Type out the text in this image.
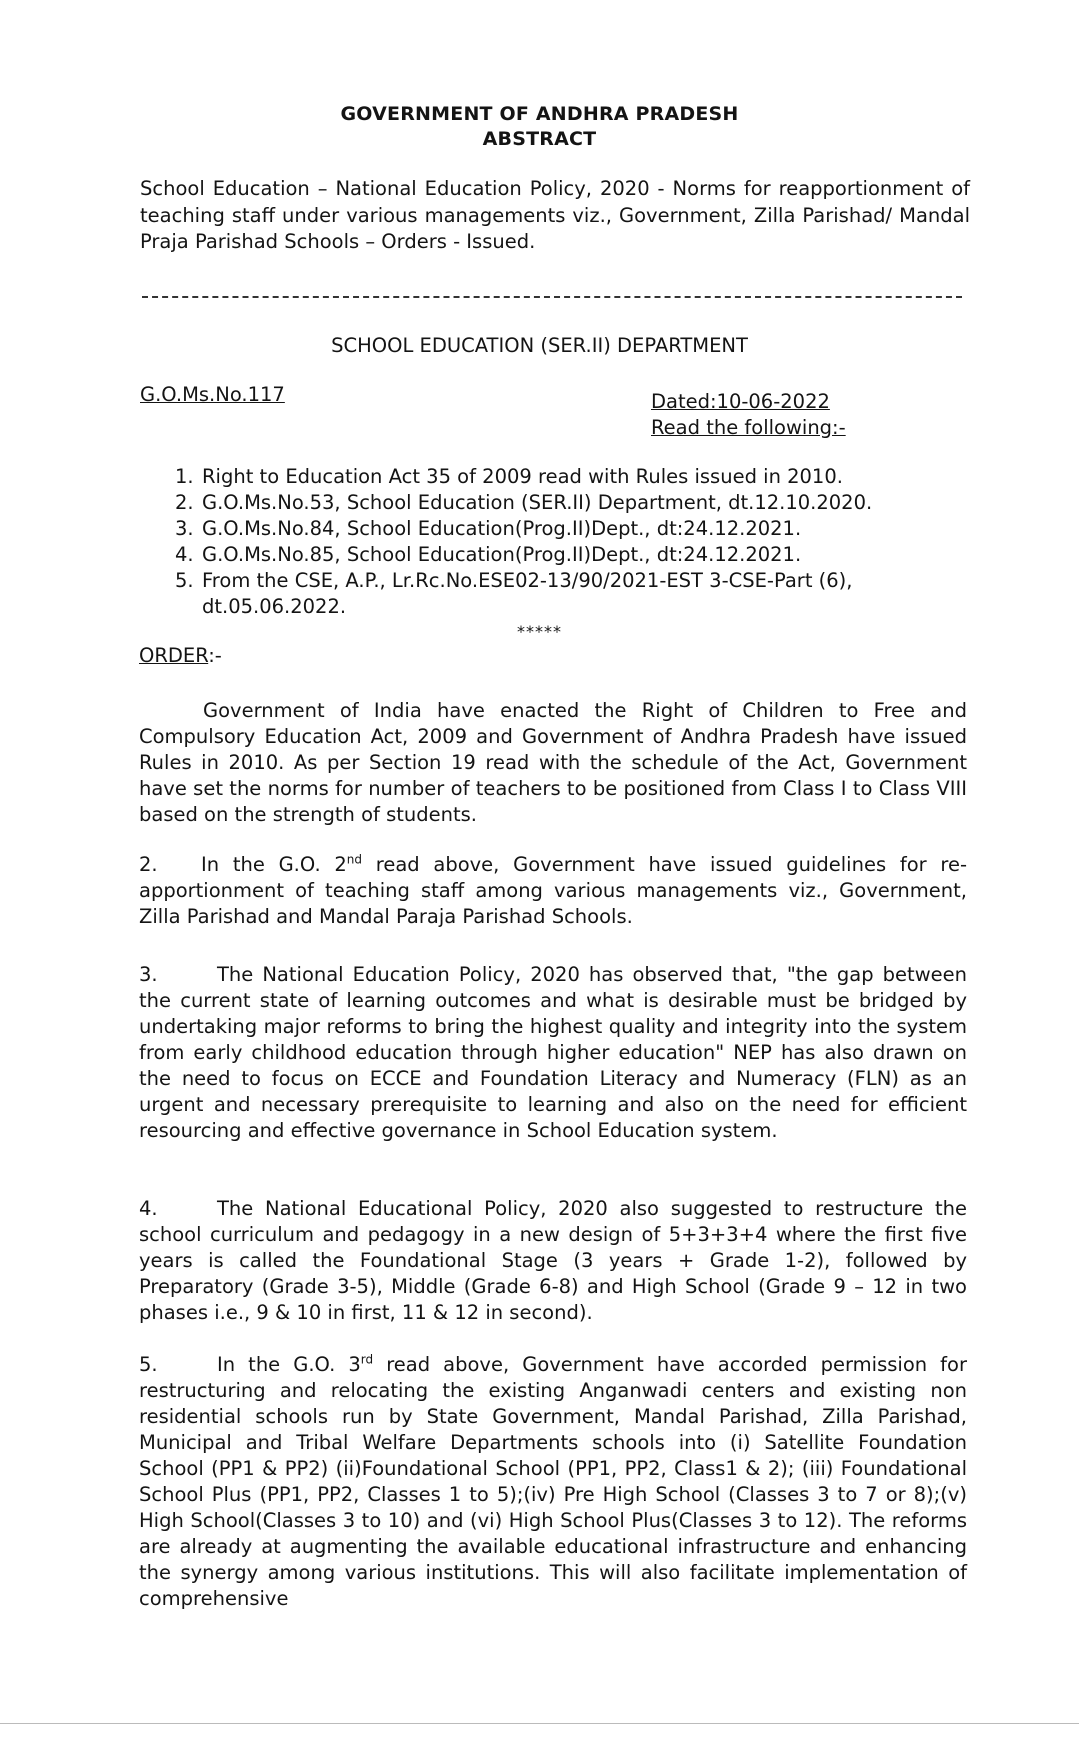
GOVERNMENT OF ANDHRA PRADESH
ABSTRACT
School Education – National Education Policy, 2020 - Norms for reapportionment of teaching staff under various managements viz., Government, Zilla Parishad/ Mandal Praja Parishad Schools – Orders - Issued.
SCHOOL EDUCATION (SER.II) DEPARTMENT
G.O.Ms.No.117	Dated:10-06-2022
Read the following:-
1. Right to Education Act 35 of 2009 read with Rules issued in 2010.
2. G.O.Ms.No.53, School Education (SER.II) Department, dt.12.10.2020.
3. G.O.Ms.No.84, School Education(Prog.II)Dept., dt:24.12.2021.
4. G.O.Ms.No.85, School Education(Prog.II)Dept., dt:24.12.2021.
5. From the CSE, A.P., Lr.Rc.No.ESE02-13/90/2021-EST 3-CSE-Part (6), dt.05.06.2022.
*****
ORDER:-

Government of India have enacted the Right of Children to Free and Compulsory Education Act, 2009 and Government of Andhra Pradesh have issued Rules in 2010. As per Section 19 read with the schedule of the Act, Government have set the norms for number of teachers to be positioned from Class I to Class VIII based on the strength of students.

2. In the G.O. 2nd read above, Government have issued guidelines for re-apportionment of teaching staff among various managements viz., Government, Zilla Parishad and Mandal Paraja Parishad Schools.

3.	The National Education Policy, 2020 has observed that, "the gap between the current state of learning outcomes and what is desirable must be bridged by undertaking major reforms to bring the highest quality and integrity into the system from early childhood education through higher education" NEP has also drawn on the need to focus on ECCE and Foundation Literacy and Numeracy (FLN) as an urgent and necessary prerequisite to learning and also on the need for efficient resourcing and effective governance in School Education system.

4.	The National Educational Policy, 2020 also suggested to restructure the school curriculum and pedagogy in a new design of 5+3+3+4 where the first five years is called the Foundational Stage (3 years + Grade 1-2), followed by Preparatory (Grade 3-5), Middle (Grade 6-8) and High School (Grade 9 – 12 in two phases i.e., 9 & 10 in first, 11 & 12 in second).

5.	In the G.O. 3rd read above, Government have accorded permission for restructuring and relocating the existing Anganwadi centers and existing non residential schools run by State Government, Mandal Parishad, Zilla Parishad, Municipal and Tribal Welfare Departments schools into (i) Satellite Foundation School (PP1 & PP2) (ii)Foundational School (PP1, PP2, Class1 & 2); (iii) Foundational School Plus (PP1, PP2, Classes 1 to 5);(iv) Pre High School (Classes 3 to 7 or 8);(v) High School(Classes 3 to 10) and (vi) High School Plus(Classes 3 to 12). The reforms are already at augmenting the available educational infrastructure and enhancing the synergy among various institutions. This will also facilitate implementation of comprehensive
